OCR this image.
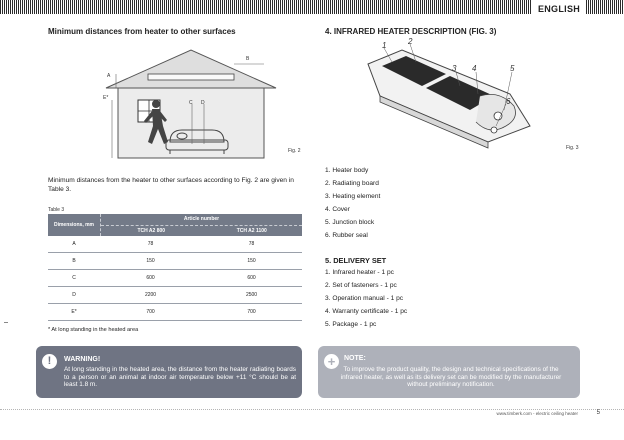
ENGLISH
Minimum distances from heater to other surfaces
A
B
C D
E*
Fig. 2
Minimum distances from the heater to other surfaces according to Fig. 2 are given in Table 3.
Table 3
Dimensions, mm
Article number
TCH A2 800	TCH A2 1100
A	78	78
B	150	150
C	600	600
D	2200	2500
E*	700	700
* At long standing in the heated area
!	WARNING!
At long standing in the heated area, the distance from the heater radiating boards to a person or an animal at indoor air temperature below +11 °C should be at least 1.8 m.
4. INFRARED HEATER DESCRIPTION (FIG. 3)
1	2
3 4	5
6
Fig. 3
1. Heater body
2. Radiating board
3. Heating element
4. Cover
5. Junction block
6. Rubber seal
5. DELIVERY SET
1. Infrared heater - 1 pc
2. Set of fasteners - 1 pc
3. Operation manual - 1 pc
4. Warranty certificate - 1 pc
5. Package - 1 pc
+	NOTE:
To improve the product quality, the design and technical specifications of the infrared heater, as well as its delivery set can be modified by the manufacturer without preliminary notification.
www.timberk.com - electric ceiling heater	5
